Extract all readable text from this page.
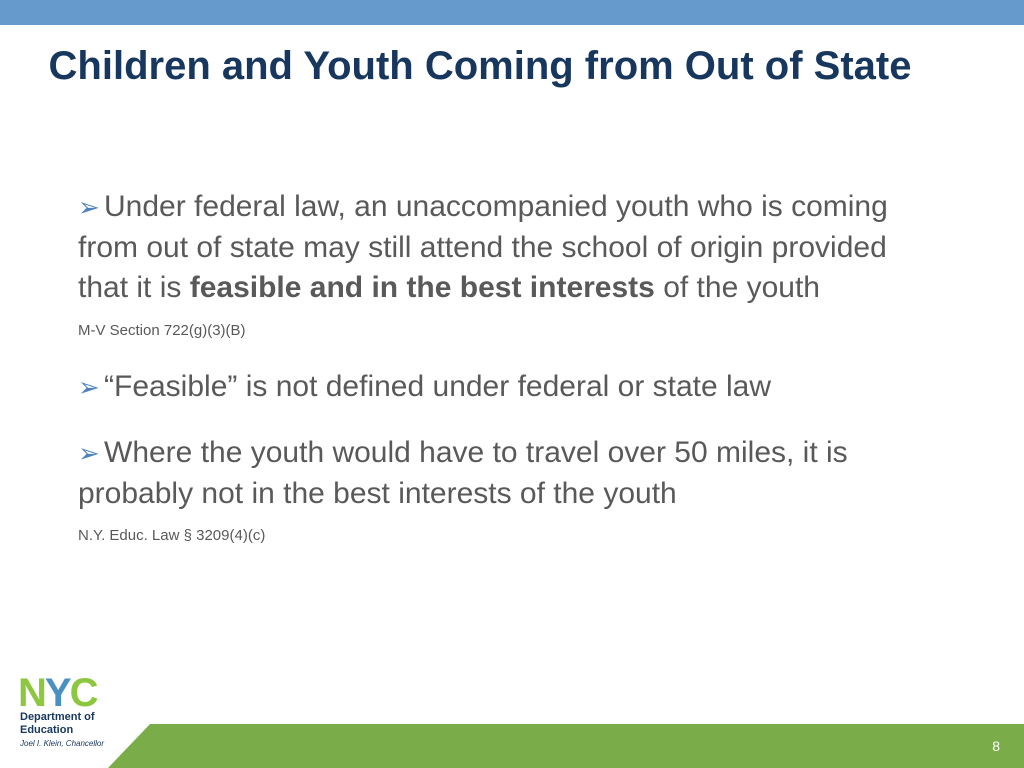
Children and Youth Coming from Out of State

➢ Under federal law, an unaccompanied youth who is coming from out of state may still attend the school of origin provided that it is feasible and in the best interests of the youth

M-V Section 722(g)(3)(B)

➢ “Feasible” is not defined under federal or state law

➢ Where the youth would have to travel over 50 miles, it is probably not in the best interests of the youth

N.Y. Educ. Law § 3209(4)(c)

NYC
Department of
Education
Joel I. Klein, Chancellor	8
